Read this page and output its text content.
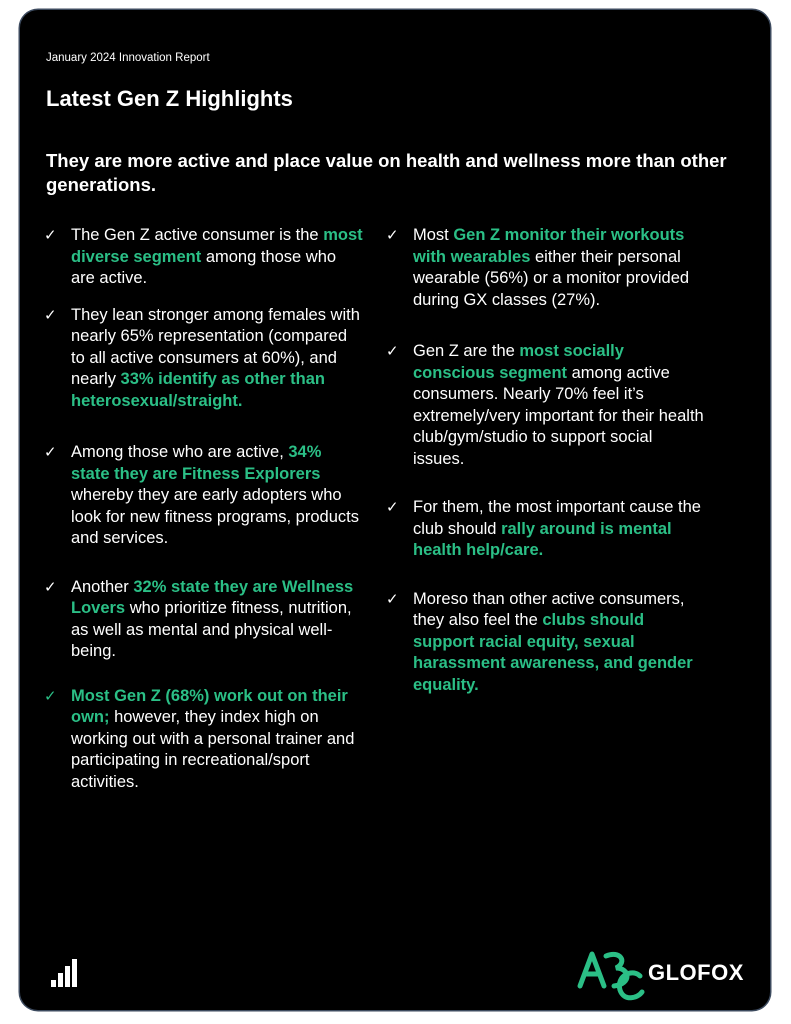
January 2024 Innovation Report
Latest Gen Z Highlights
They are more active and place value on health and wellness more than other generations.
✓ The Gen Z active consumer is the most diverse segment among those who are active.
✓ They lean stronger among females with nearly 65% representation (compared to all active consumers at 60%), and nearly 33% identify as other than heterosexual/straight.
✓ Among those who are active, 34% state they are Fitness Explorers whereby they are early adopters who look for new fitness programs, products and services.
✓ Another 32% state they are Wellness Lovers who prioritize fitness, nutrition, as well as mental and physical well-being.
✓ Most Gen Z (68%) work out on their own; however, they index high on working out with a personal trainer and participating in recreational/sport activities.
✓ Most Gen Z monitor their workouts with wearables either their personal wearable (56%) or a monitor provided during GX classes (27%).
✓ Gen Z are the most socially conscious segment among active consumers. Nearly 70% feel it’s extremely/very important for their health club/gym/studio to support social issues.
✓ For them, the most important cause the club should rally around is mental health help/care.
✓ Moreso than other active consumers, they also feel the clubs should support racial equity, sexual harassment awareness, and gender equality.
GLOFOX
